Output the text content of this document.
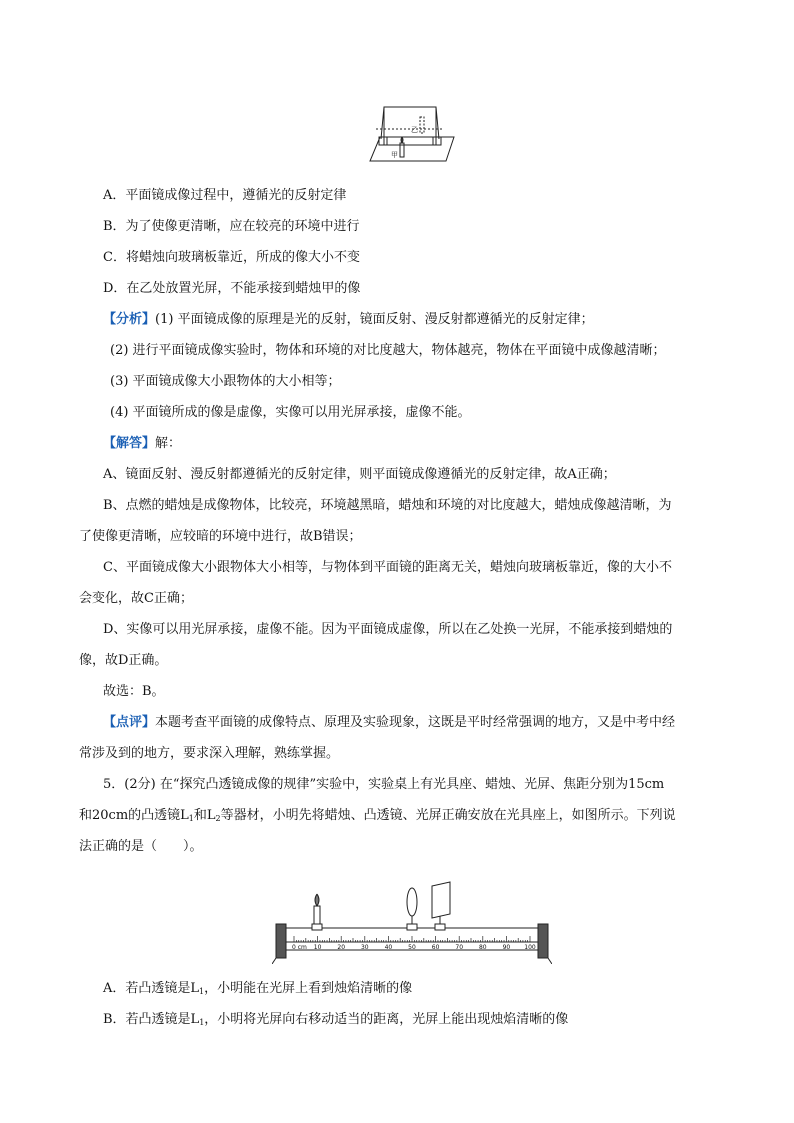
乙
甲
A．平面镜成像过程中，遵循光的反射定律
B．为了使像更清晰，应在较亮的环境中进行
C．将蜡烛向玻璃板靠近，所成的像大小不变
D．在乙处放置光屏，不能承接到蜡烛甲的像
【分析】(1) 平面镜成像的原理是光的反射，镜面反射、漫反射都遵循光的反射定律；
(2) 进行平面镜成像实验时，物体和环境的对比度越大，物体越亮，物体在平面镜中成像越清晰；
(3) 平面镜成像大小跟物体的大小相等；
(4) 平面镜所成的像是虚像，实像可以用光屏承接，虚像不能。
【解答】解：
A、镜面反射、漫反射都遵循光的反射定律，则平面镜成像遵循光的反射定律，故A正确；
B、点燃的蜡烛是成像物体，比较亮，环境越黑暗，蜡烛和环境的对比度越大，蜡烛成像越清晰，为
了使像更清晰，应较暗的环境中进行，故B错误；
C、平面镜成像大小跟物体大小相等，与物体到平面镜的距离无关，蜡烛向玻璃板靠近，像的大小不
会变化，故C正确；
D、实像可以用光屏承接，虚像不能。因为平面镜成虚像，所以在乙处换一光屏，不能承接到蜡烛的
像，故D正确。
故选：B。
【点评】本题考查平面镜的成像特点、原理及实验现象，这既是平时经常强调的地方，又是中考中经
常涉及到的地方，要求深入理解，熟练掌握。
5．(2分) 在“探究凸透镜成像的规律”实验中，实验桌上有光具座、蜡烛、光屏、焦距分别为15cm
和20cm的凸透镜$L_1$和$L_2$等器材，小明先将蜡烛、凸透镜、光屏正确安放在光具座上，如图所示。下列说
法正确的是（　　）。
0 cm 10	20	30	40	50	60	70	80	90 100
A．若凸透镜是$L_1$，小明能在光屏上看到烛焰清晰的像
B．若凸透镜是$L_1$，小明将光屏向右移动适当的距离，光屏上能出现烛焰清晰的像
